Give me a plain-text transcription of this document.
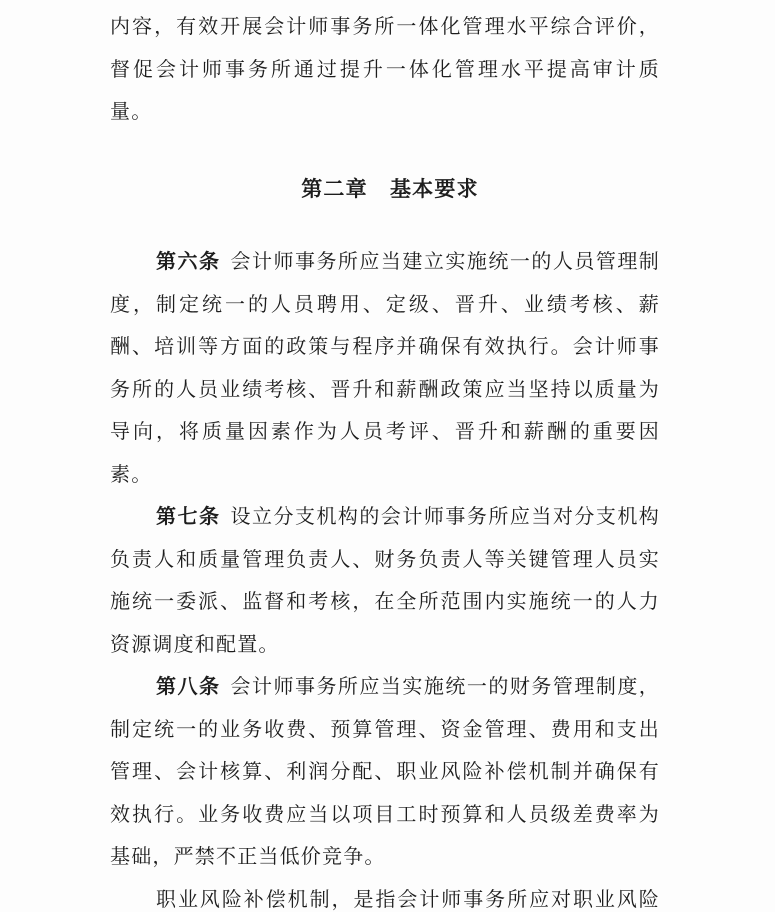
内容，有效开展会计师事务所一体化管理水平综合评价，
督促会计师事务所通过提升一体化管理水平提高审计质
量。
第二章　基本要求
第六条 会计师事务所应当建立实施统一的人员管理制
度，制定统一的人员聘用、定级、晋升、业绩考核、薪
酬、培训等方面的政策与程序并确保有效执行。会计师事
务所的人员业绩考核、晋升和薪酬政策应当坚持以质量为
导向，将质量因素作为人员考评、晋升和薪酬的重要因
素。
第七条 设立分支机构的会计师事务所应当对分支机构
负责人和质量管理负责人、财务负责人等关键管理人员实
施统一委派、监督和考核，在全所范围内实施统一的人力
资源调度和配置。
第八条 会计师事务所应当实施统一的财务管理制度，
制定统一的业务收费、预算管理、资金管理、费用和支出
管理、会计核算、利润分配、职业风险补偿机制并确保有
效执行。业务收费应当以项目工时预算和人员级差费率为
基础，严禁不正当低价竞争。
职业风险补偿机制，是指会计师事务所应对职业风险
